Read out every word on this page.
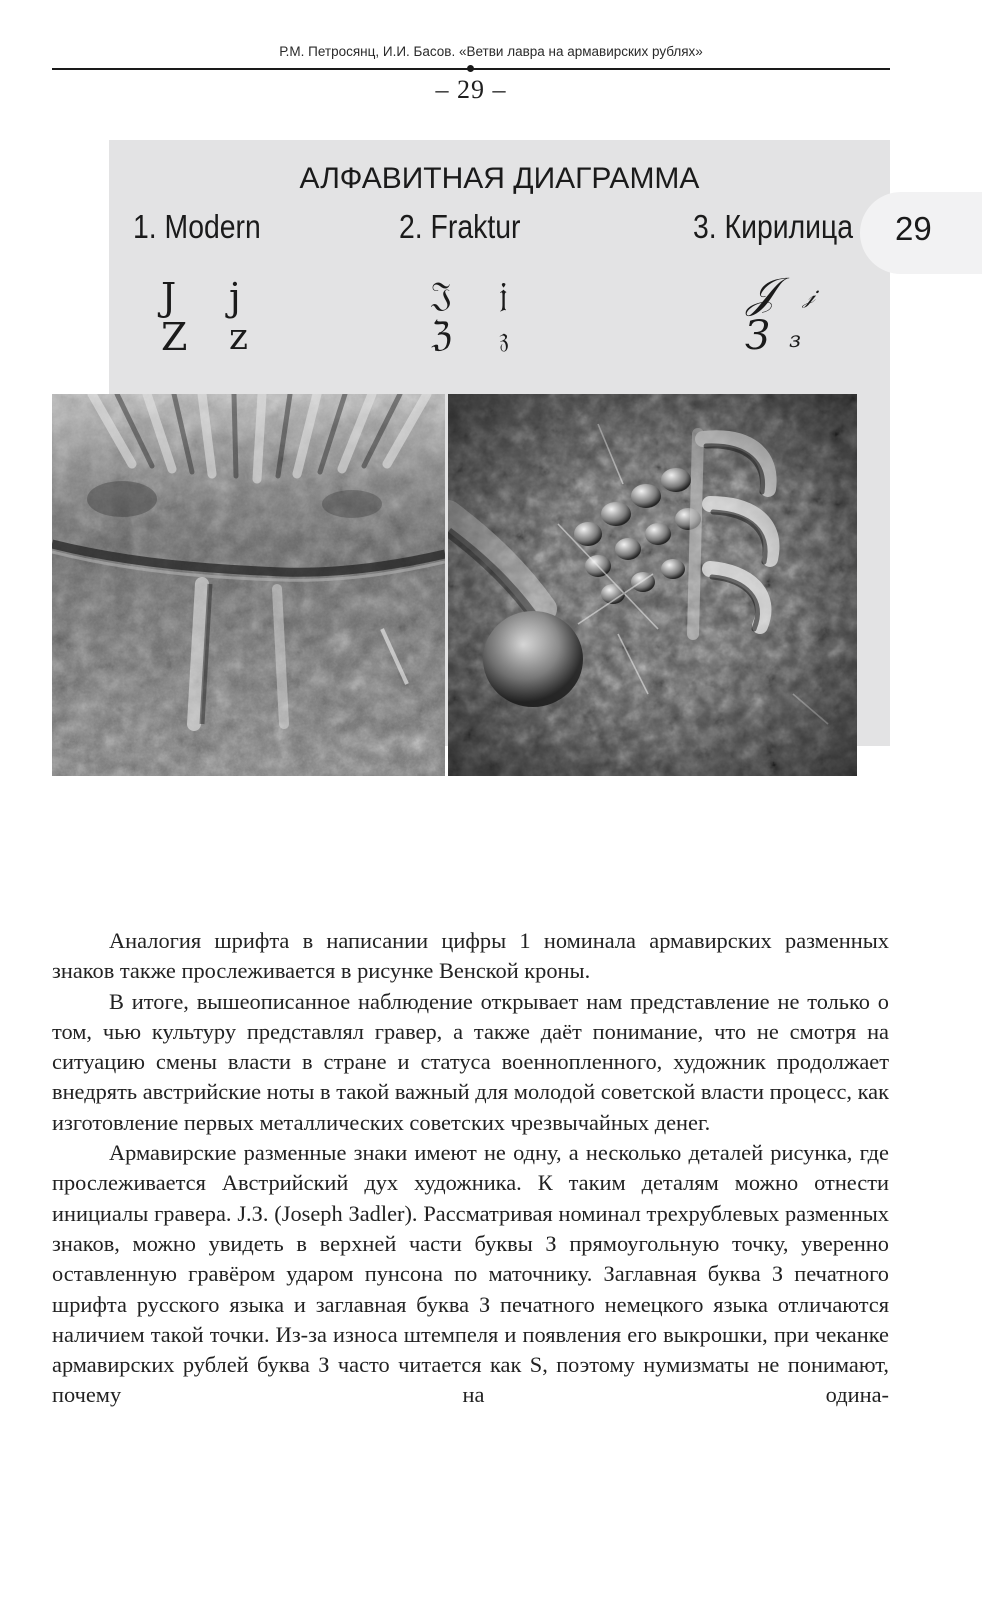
Р.М. Петросянц, И.И. Басов. «Ветви лавра на армавирских рублях»
– 29 –
АЛФАВИТНАЯ ДИАГРАММА
1. Modern	2. Fraktur	3. Кирилица
J j
Z z
𝔍 𝔧
ℨ 𝔷
𝒥 𝒿
З з
29

Аналогия шрифта в написании цифры 1 номинала армавирских разменных знаков также прослеживается в рисунке Венской кроны.

В итоге, вышеописанное наблюдение открывает нам представление не только о том, чью культуру представлял гравер, а также даёт понимание, что не смотря на ситуацию смены власти в стране и статуса военнопленного, художник продолжает внедрять австрийские ноты в такой важный для молодой советской власти процесс, как изготовление первых металлических советских чрезвычайных денег.

Армавирские разменные знаки имеют не одну, а несколько деталей рисунка, где прослеживается Австрийский дух художника. К таким деталям можно отнести инициалы гравера. J.З. (Joseph Зadler). Рассматривая номинал трехрублевых разменных знаков, можно увидеть в верхней части буквы З прямоугольную точку, уверенно оставленную гравёром ударом пунсона по маточнику. Заглавная буква З печатного шрифта русского языка и заглавная буква З печатного немецкого языка отличаются наличием такой точки. Из-за износа штемпеля и появления его выкрошки, при чеканке армавирских рублей буква З часто читается как S, поэтому нумизматы не понимают, почему на одина-
